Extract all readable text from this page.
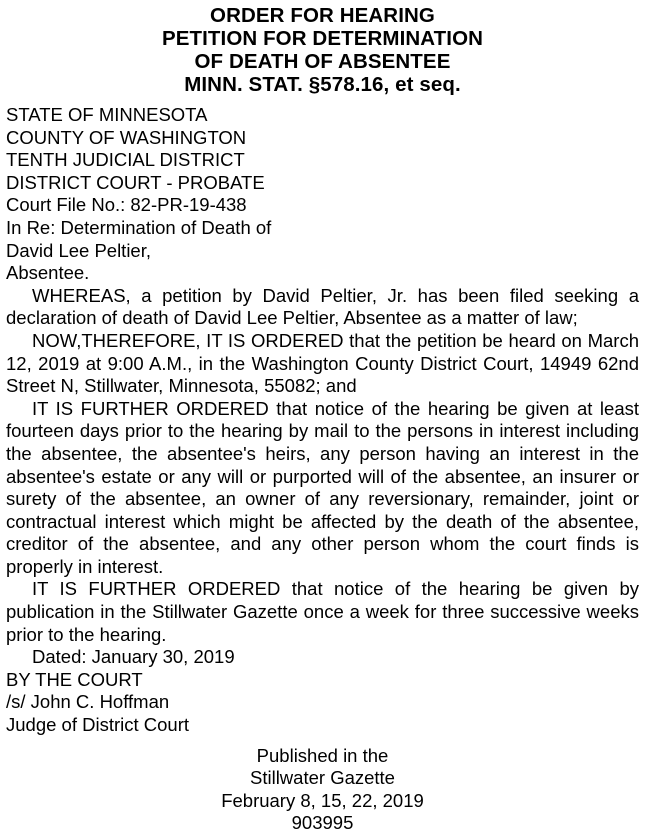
ORDER FOR HEARING
PETITION FOR DETERMINATION
OF DEATH OF ABSENTEE
MINN. STAT. §578.16, et seq.
STATE OF MINNESOTA
COUNTY OF WASHINGTON
TENTH JUDICIAL DISTRICT
DISTRICT COURT - PROBATE
Court File No.: 82-PR-19-438
In Re: Determination of Death of
David Lee Peltier,
Absentee.

WHEREAS, a petition by David Peltier, Jr. has been filed seeking a declaration of death of David Lee Peltier, Absentee as a matter of law;

NOW,THEREFORE, IT IS ORDERED that the petition be heard on March 12, 2019 at 9:00 A.M., in the Washington County District Court, 14949 62nd Street N, Stillwater, Minnesota, 55082; and

IT IS FURTHER ORDERED that notice of the hearing be given at least fourteen days prior to the hearing by mail to the persons in interest including the absentee, the absentee's heirs, any person having an interest in the absentee's estate or any will or purported will of the absentee, an insurer or surety of the absentee, an owner of any reversionary, remainder, joint or contractual interest which might be affected by the death of the absentee, creditor of the absentee, and any other person whom the court finds is properly in interest.

IT IS FURTHER ORDERED that notice of the hearing be given by publication in the Stillwater Gazette once a week for three successive weeks prior to the hearing.

Dated: January 30, 2019
BY THE COURT
/s/ John C. Hoffman
Judge of District Court
Published in the
Stillwater Gazette
February 8, 15, 22, 2019
903995
